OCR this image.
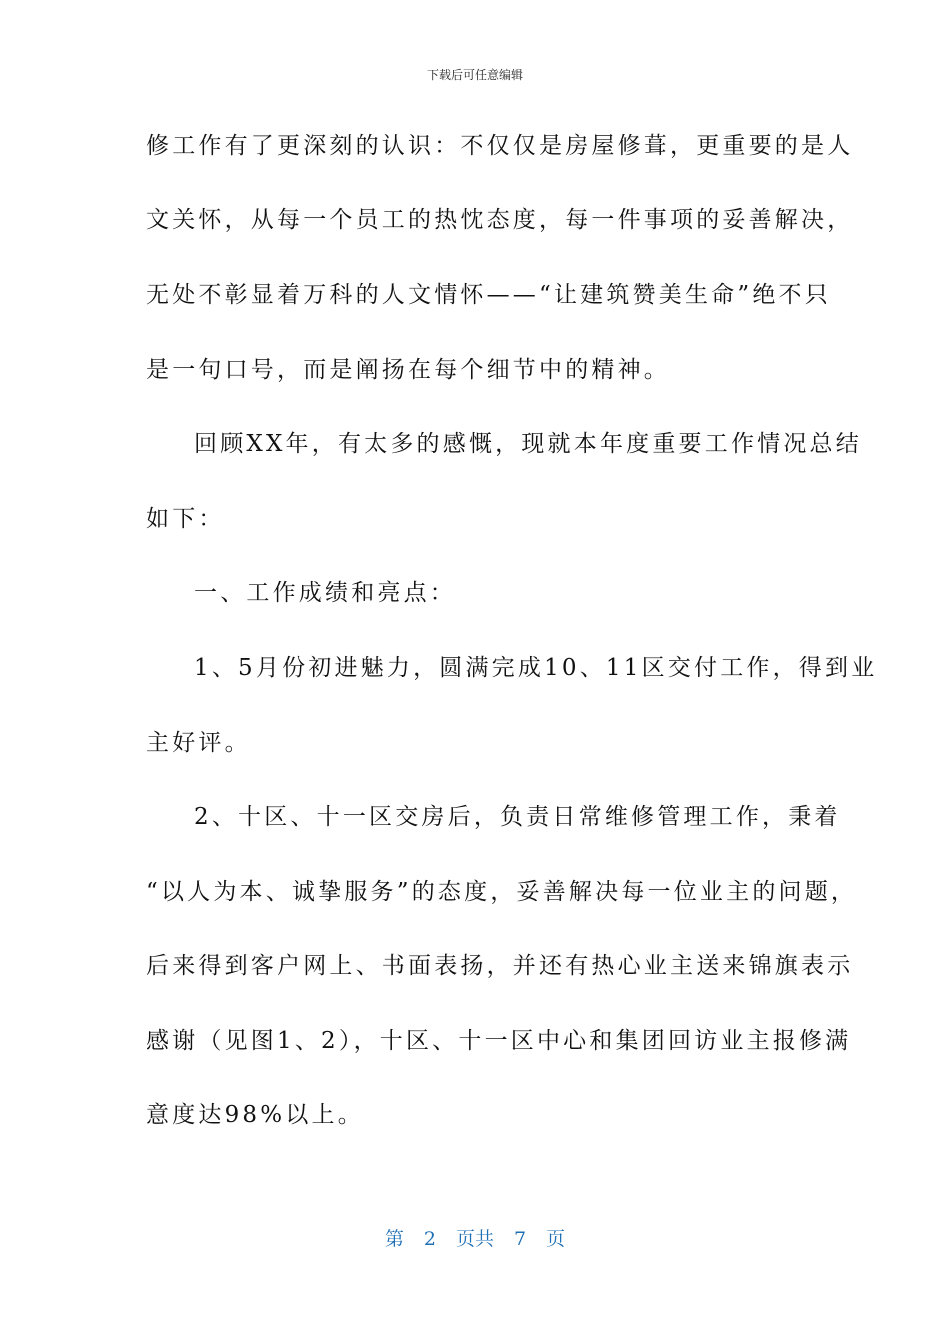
下载后可任意编辑
修工作有了更深刻的认识：不仅仅是房屋修葺，更重要的是人
文关怀，从每一个员工的热忱态度，每一件事项的妥善解决，
无处不彰显着万科的人文情怀——“让建筑赞美生命”绝不只
是一句口号，而是阐扬在每个细节中的精神。
回顾XX年，有太多的感慨，现就本年度重要工作情况总结
如下：
一、工作成绩和亮点：
1、5月份初进魅力，圆满完成10、11区交付工作，得到业
主好评。
2、十区、十一区交房后，负责日常维修管理工作，秉着
“以人为本、诚挚服务”的态度，妥善解决每一位业主的问题，
后来得到客户网上、书面表扬，并还有热心业主送来锦旗表示
感谢（见图1、2），十区、十一区中心和集团回访业主报修满
意度达98%以上。
第 2 页共 7 页
